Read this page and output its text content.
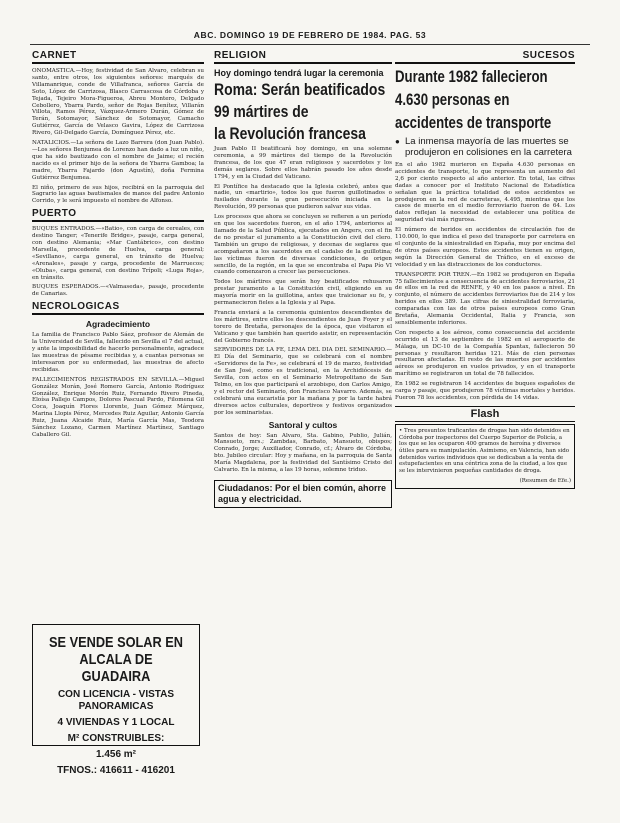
ABC. DOMINGO 19 DE FEBRERO DE 1984. PAG. 53
CARNET

ONOMASTICA.—Hoy, festividad de San Alvaro, celebran su santo, entre otros, los siguientes señores: marqués de Villamanrique, conde de Villafranca, señores García de Soto, López de Carrizosa, Blasco Carrascosa de Córdoba y Tejada, Tejeiro Mora-Figueroa, Abreu Montero, Delgado Cebollero, Ybarra Pardo, señor de Rojas Benítez, Villarán Villota, Ramos Pérez, Vázquez-Armero Durán, Gómez de Terán, Sotomayor, Sánchez de Sotomayor, Camacho Gutiérrez, García de Velasco Gavira, López de Carrizosa Rivero, Gil-Delgado García, Domínguez Pérez, etc.

NATALICIOS.—La señora de Lazo Barrera (don Juan Pablo).—Los señores Benjumea de Lorenzo han dado a luz un niño, que ha sido bautizado con el nombre de Jaime; el recién nacido es el primer hijo de la señora de Ybarra Gamboa; la madre, Ybarra Fajardo (don Agustín), doña Fermina Gutiérrez Benjumea.

El niño, primero de sus hijos, recibirá en la parroquia del Sagrario las aguas bautismales de manos del padre Antonio Corrido, y le será impuesto el nombre de Alfonso.

PUERTO

BUQUES ENTRADOS.—«Batio», con carga de cereales, con destino Tanger; «Tenerife Bridge», pasaje, carga general, con destino Alemania; «Mar Cantábrico», con destino Marsella, procedente de Huelva, carga general; «Sevillano», carga general, en tránsito de Huelva; «Arenales», pasaje y carga, procedente de Marruecos; «Oluba», carga general, con destino Trípoli; «Luga Roja», en tránsito.

BUQUES ESPERADOS.—«Valmaseda», pasaje, procedente de Canarias.

NECROLOGICAS
Agradecimiento

La familia de Francisco Pablo Sáez, profesor de Alemán de la Universidad de Sevilla, fallecido en Sevilla el 7 del actual, y ante la imposibilidad de hacerlo personalmente, agradece las muestras de pésame recibidas y, a cuantas personas se interesaron por su enfermedad, las muestras de afecto recibidas.

FALLECIMIENTOS REGISTRADOS EN SEVILLA.—Miguel González Morán, José Romero García, Antonio Rodríguez González, Enrique Morón Ruiz, Fernando Rivero Pineda, Eloísa Pallejo Campos, Dolores Pascual Pardo, Filomena Gil Coca, Joaquín Flores Llorente, Juan Gómez Márquez, Marina Llopis Pérez, Mercedes Ruiz Aguilar, Antonio García Ruiz, Juana Alcaide Ruiz, María García Mas, Teodora Sánchez Lozano, Carmen Martínez Martínez, Santiago Caballero Gil.

SE VENDE SOLAR EN
ALCALA DE GUADAIRA
CON LICENCIA - VISTAS PANORAMICAS
4 VIVIENDAS Y 1 LOCAL
M² CONSTRUIBLES:
1.456 m²
TFNOS.: 416611 - 416201
RELIGION
Hoy domingo tendrá lugar la ceremonia
Roma: Serán beatificados
99 mártires de
la Revolución francesa

Juan Pablo II beatificará hoy domingo, en una solemne ceremonia, a 99 mártires del tiempo de la Revolución francesa, de los que 47 eran religiosos y sacerdotes y los demás seglares. Sobre ellos habrán pasado los años desde 1794, y en la Ciudad del Vaticano.

El Pontífice ha destacado que la Iglesia celebró, antes que nadie, un «martirio», todos los que fueron guillotinados o fusilados durante la gran persecución iniciada en la Revolución, 99 personas que pudieron salvar sus vidas.

Los procesos que ahora se concluyen se refieren a un período en que los sacerdotes fueron, en el año 1794, anteriores al llamado de la Salud Pública, ejecutados en Angers, con el fin de no prestar el juramento a la Constitución civil del clero. También un grupo de religiosas, y decenas de seglares que acompañaron a los sacerdotes en el cadalso de la guillotina; las víctimas fueron de diversas condiciones, de origen sencillo, de la región, en la que se encontraba el Papa Pío VI cuando comenzaron a crecer las persecuciones.

Todos los mártires que serán hoy beatificados rehusaron prestar juramento a la Constitución civil, eligiendo en su mayoría morir en la guillotina, antes que traicionar su fe, y permanecieron fieles a la Iglesia y al Papa.

Francia enviará a la ceremonia quinientos descendientes de los mártires, entre ellos los descendientes de Juan Foyer y el torero de Bretaña, personajes de la época, que visitaron el Vaticano y que también han querido asistir, en representación del Gobierno francés.

SERVIDORES DE LA FE, LEMA DEL DIA DEL SEMINARIO.—El Día del Seminario, que se celebrará con el nombre «Servidores de la Fe», se celebrará el 19 de marzo, festividad de San José, como es tradicional, en la Archidiócesis de Sevilla, con actos en el Seminario Metropolitano de San Telmo, en los que participará el arzobispo, don Carlos Amigo, y el rector del Seminario, don Francisco Navarro. Además, se celebrará una eucaristía por la mañana y por la tarde habrá diversos actos culturales, deportivos y festivos organizados por los seminaristas.

Santoral y cultos

Santos de hoy: San Alvaro, Sta. Gabino, Publio, Julián, Mansueto, mrs.; Zambdas, Barbato, Mansueto, obispos; Conrado, Jorge; Auxiliador, Conrado, cf.; Álvaro de Córdoba, bto. Jubileo circular: Hoy y mañana, en la parroquia de Santa María Magdalena, por la festividad del Santísimo Cristo del Calvario. En la misma, a las 19 horas, solemne triduo.

Ciudadanos: Por el bien común, ahorre agua y electricidad.
SUCESOS
Durante 1982 fallecieron
4.630 personas en
accidentes de transporte
● La inmensa mayoría de las muertes se produjeron en colisiones en la carretera

En el año 1982 murieron en España 4.630 personas en accidentes de transporte, lo que representa un aumento del 2,6 por ciento respecto al año anterior. En total, las cifras dadas a conocer por el Instituto Nacional de Estadística señalan que la práctica totalidad de estos accidentes se produjeron en la red de carreteras, 4.495, mientras que los casos de muerte en el medio ferroviario fueron de 64. Los datos reflejan la necesidad de establecer una política de seguridad vial más rigurosa.

El número de heridos en accidentes de circulación fue de 110.000, lo que indica el peso del transporte por carretera en el conjunto de la siniestralidad en España, muy por encima del de otros países europeos. Estos accidentes tienen su origen, según la Dirección General de Tráfico, en el exceso de velocidad y en las distracciones de los conductores.

TRANSPORTE POR TREN.—En 1982 se produjeron en España 75 fallecimientos a consecuencia de accidentes ferroviarios, 21 de ellos en la red de RENFE, y 40 en los pasos a nivel. En conjunto, el número de accidentes ferroviarios fue de 214 y los heridos en ellos 389. Las cifras de siniestralidad ferroviaria, comparadas con las de otros países europeos como Gran Bretaña, Alemania Occidental, Italia y Francia, son sensiblemente inferiores.

Con respecto a los aéreos, como consecuencia del accidente ocurrido el 13 de septiembre de 1982 en el aeropuerto de Málaga, un DC-10 de la Compañía Spantax, fallecieron 50 personas y resultaron heridas 121. Más de cien personas resultaron afectadas. El resto de las muertes por accidentes aéreos se produjeron en vuelos privados, y en el transporte marítimo se registraron un total de 78 fallecidos.

En 1982 se registraron 14 accidentes de buques españoles de carga y pasaje, que produjeron 78 víctimas mortales y heridos. Fueron 78 los accidentes, con pérdida de 14 vidas.

Flash
• Tres presuntos traficantes de drogas han sido detenidos en Córdoba por inspectores del Cuerpo Superior de Policía, a los que se les ocuparon 400 gramos de heroína y diversos útiles para su manipulación. Asimismo, en Valencia, han sido detenidos varios individuos que se dedicaban a la venta de estupefacientes en una céntrica zona de la ciudad, a los que se les intervinieron pequeñas cantidades de droga.
(Resumen de Efe.)
